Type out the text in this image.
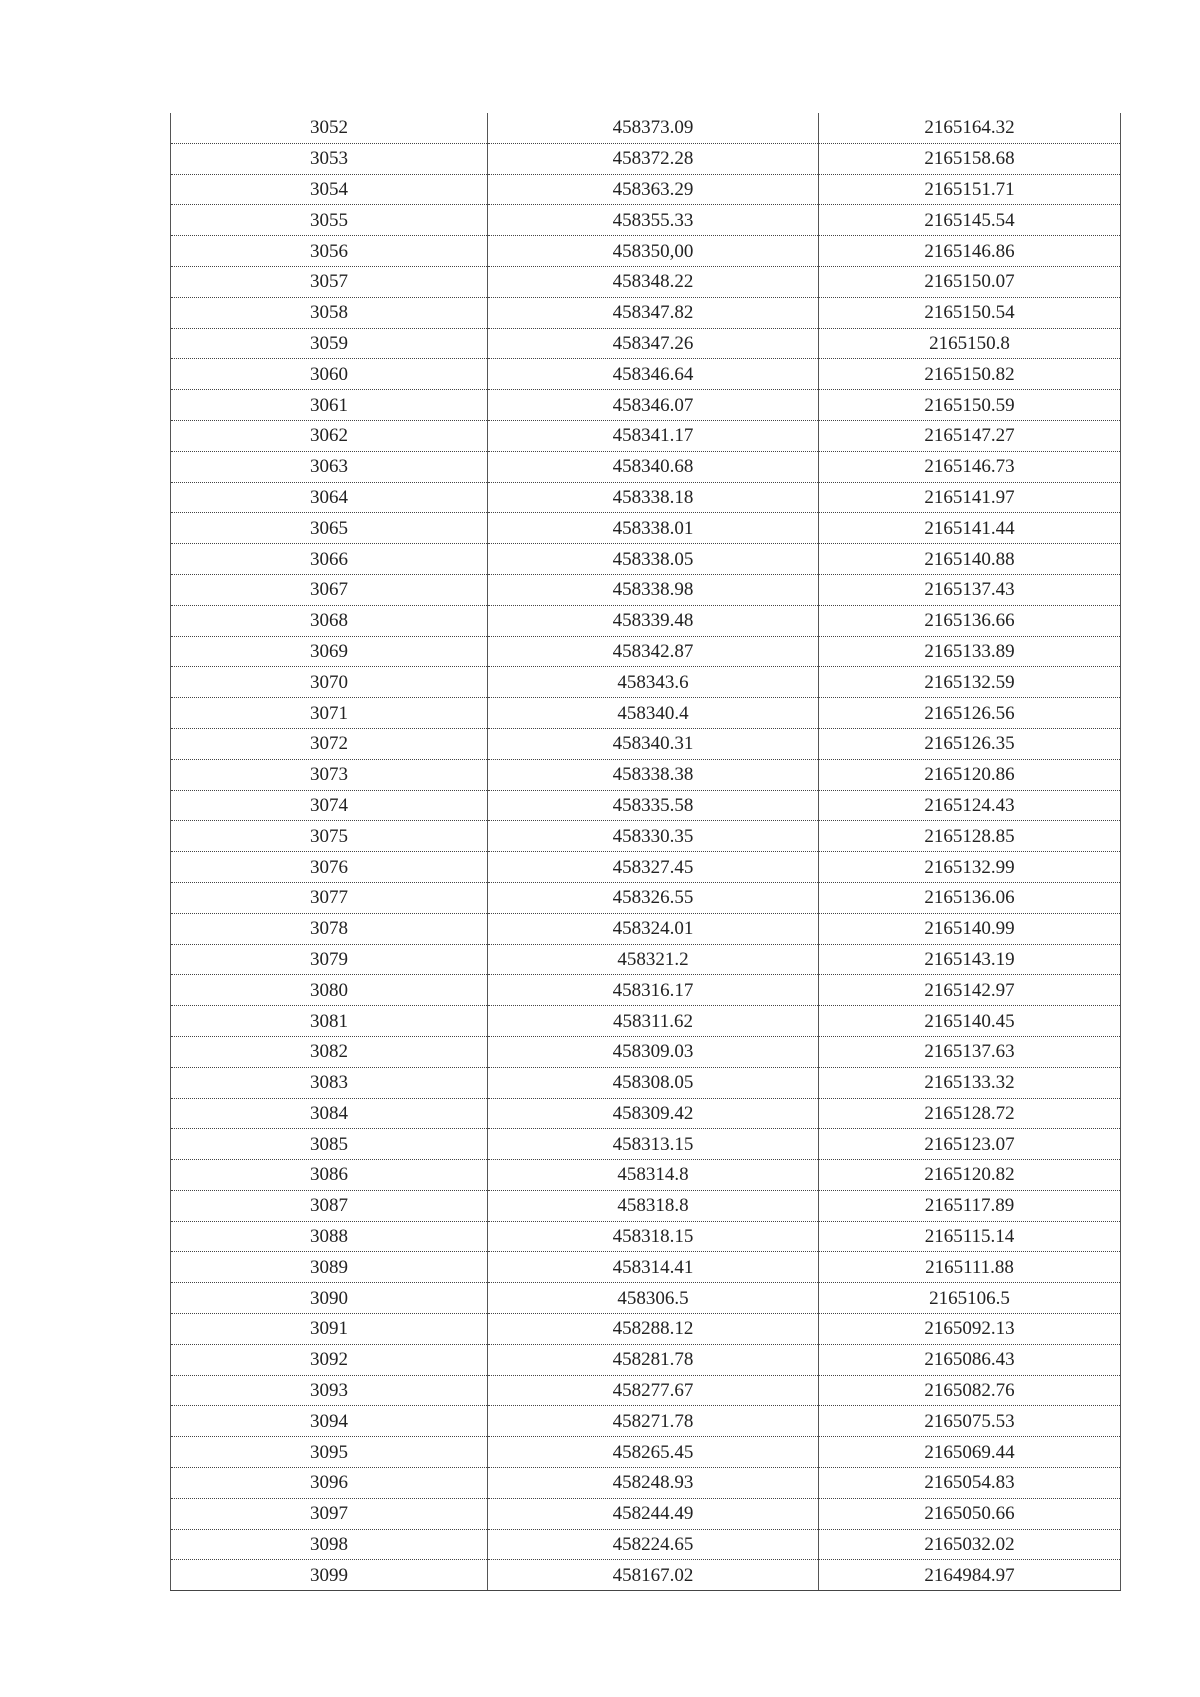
3052	458373.09	2165164.32
3053	458372.28	2165158.68
3054	458363.29	2165151.71
3055	458355.33	2165145.54
3056	458350,00	2165146.86
3057	458348.22	2165150.07
3058	458347.82	2165150.54
3059	458347.26	2165150.8
3060	458346.64	2165150.82
3061	458346.07	2165150.59
3062	458341.17	2165147.27
3063	458340.68	2165146.73
3064	458338.18	2165141.97
3065	458338.01	2165141.44
3066	458338.05	2165140.88
3067	458338.98	2165137.43
3068	458339.48	2165136.66
3069	458342.87	2165133.89
3070	458343.6	2165132.59
3071	458340.4	2165126.56
3072	458340.31	2165126.35
3073	458338.38	2165120.86
3074	458335.58	2165124.43
3075	458330.35	2165128.85
3076	458327.45	2165132.99
3077	458326.55	2165136.06
3078	458324.01	2165140.99
3079	458321.2	2165143.19
3080	458316.17	2165142.97
3081	458311.62	2165140.45
3082	458309.03	2165137.63
3083	458308.05	2165133.32
3084	458309.42	2165128.72
3085	458313.15	2165123.07
3086	458314.8	2165120.82
3087	458318.8	2165117.89
3088	458318.15	2165115.14
3089	458314.41	2165111.88
3090	458306.5	2165106.5
3091	458288.12	2165092.13
3092	458281.78	2165086.43
3093	458277.67	2165082.76
3094	458271.78	2165075.53
3095	458265.45	2165069.44
3096	458248.93	2165054.83
3097	458244.49	2165050.66
3098	458224.65	2165032.02
3099	458167.02	2164984.97
